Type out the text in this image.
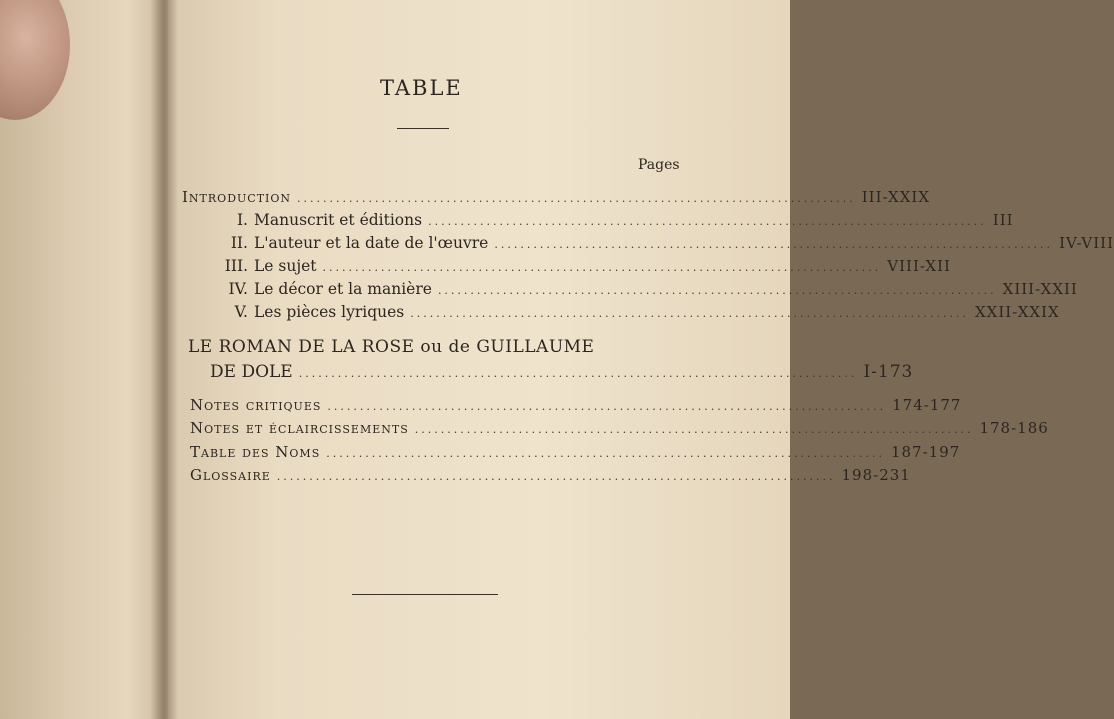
TABLE
Pages
Introduction ...................................................................................... III-XXIX
I. Manuscrit et éditions ...................................................................................... III
II. L'auteur et la date de l'œuvre ...................................................................................... IV-VIII
III. Le sujet ...................................................................................... VIII-XII
IV. Le décor et la manière ...................................................................................... XIII-XXII
V. Les pièces lyriques ...................................................................................... XXII-XXIX
LE ROMAN DE LA ROSE ou de GUILLAUME
DE DOLE ...................................................................................... I-173
Notes critiques ...................................................................................... 174-177
Notes et éclaircissements ...................................................................................... 178-186
Table des Noms ...................................................................................... 187-197
Glossaire ...................................................................................... 198-231
